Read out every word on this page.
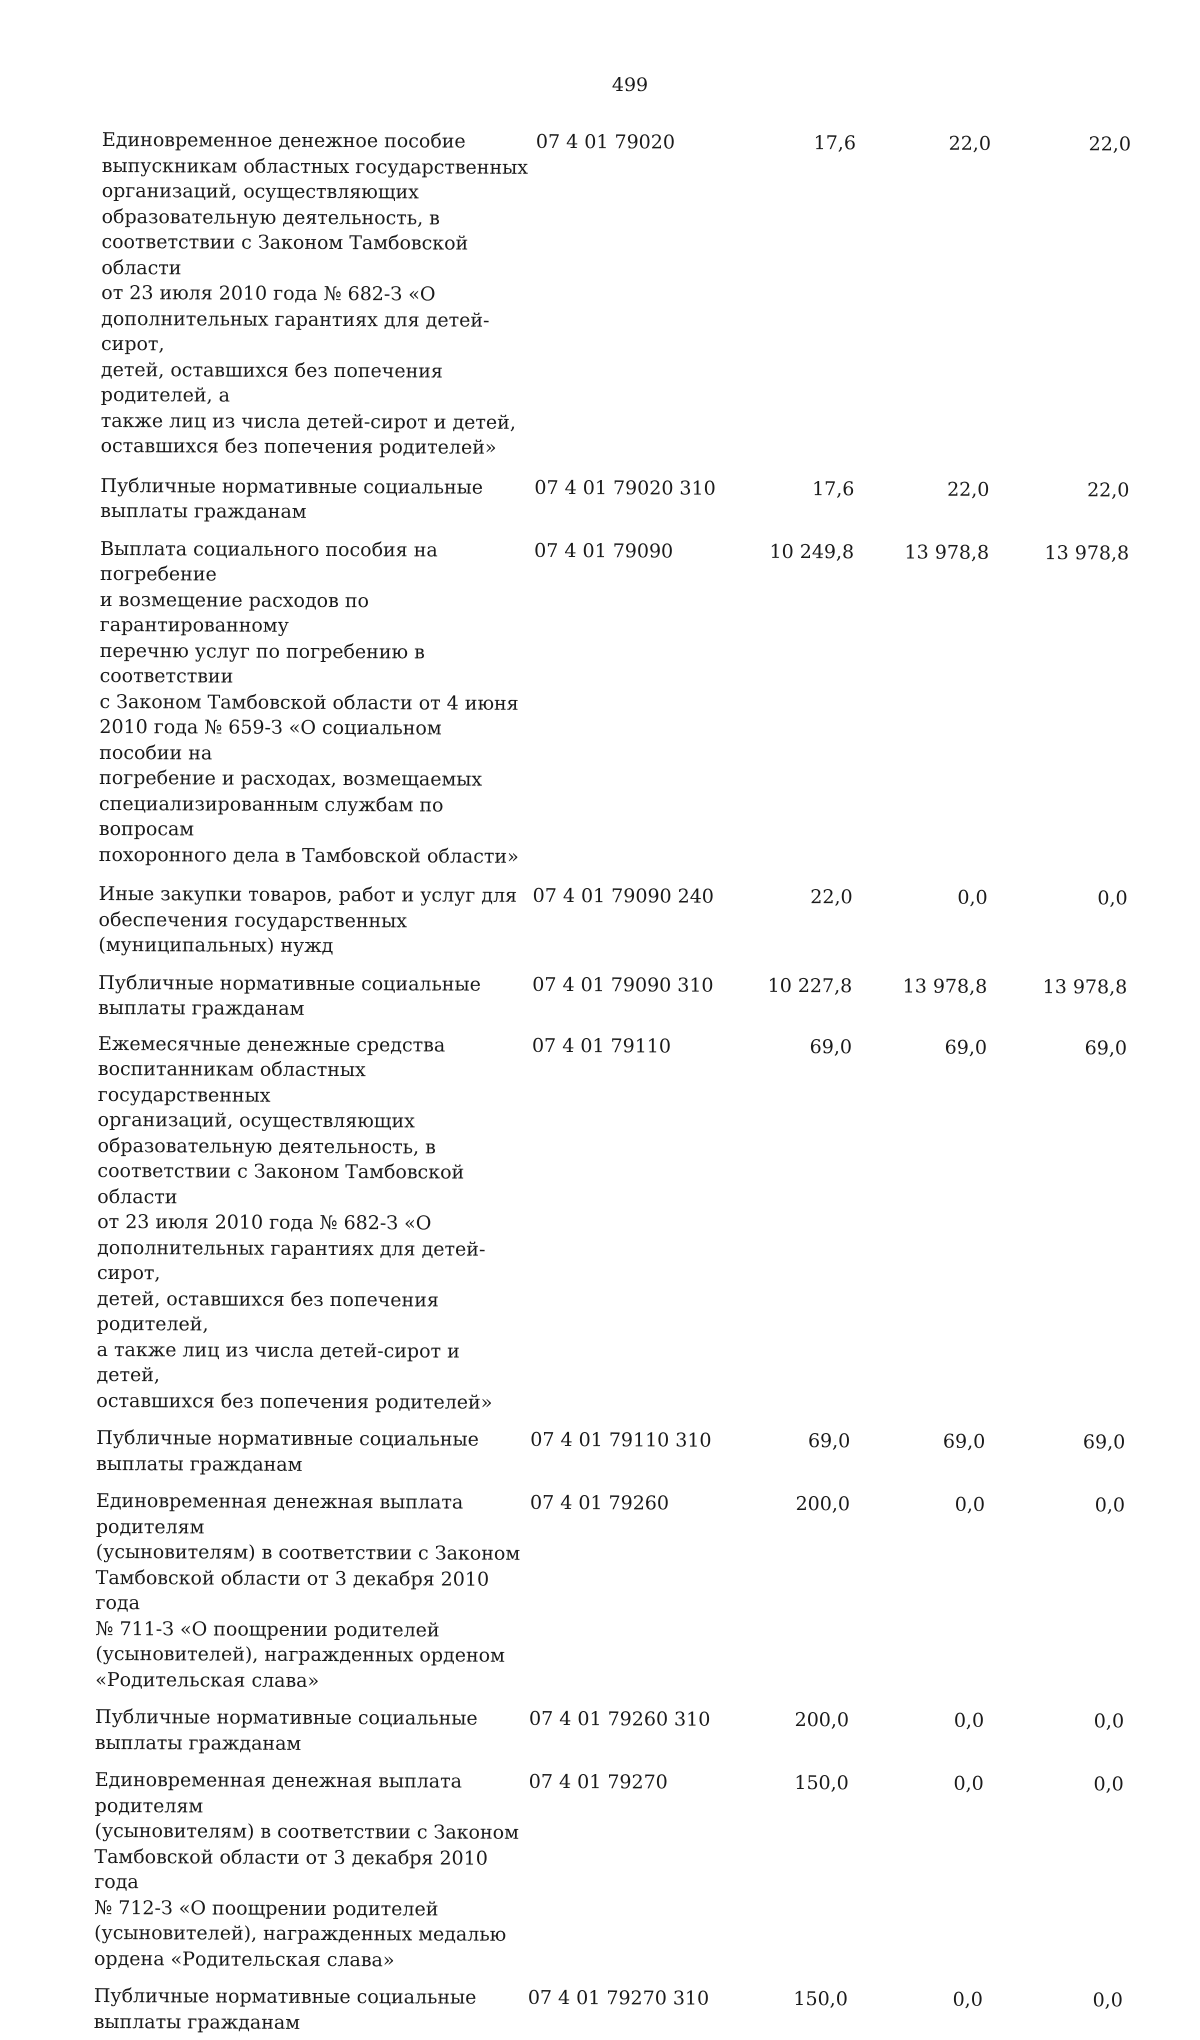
499
Единовременное денежное пособие
выпускникам областных государственных
организаций, осуществляющих
образовательную деятельность, в
соответствии с Законом Тамбовской области
от 23 июля 2010 года № 682-З «О
дополнительных гарантиях для детей-сирот,
детей, оставшихся без попечения родителей, а
также лиц из числа детей-сирот и детей,
оставшихся без попечения родителей»
07 4 01 79020	17,6	22,0	22,0
Публичные нормативные социальные
выплаты гражданам
07 4 01 79020 310	17,6	22,0	22,0
Выплата социального пособия на погребение
и возмещение расходов по гарантированному
перечню услуг по погребению в соответствии
с Законом Тамбовской области от 4 июня
2010 года № 659-З «О социальном пособии на
погребение и расходах, возмещаемых
специализированным службам по вопросам
похоронного дела в Тамбовской области»
07 4 01 79090	10 249,8	13 978,8	13 978,8
Иные закупки товаров, работ и услуг для
обеспечения государственных
(муниципальных) нужд
07 4 01 79090 240	22,0	0,0	0,0
Публичные нормативные социальные
выплаты гражданам
07 4 01 79090 310	10 227,8	13 978,8	13 978,8
Ежемесячные денежные средства
воспитанникам областных государственных
организаций, осуществляющих
образовательную деятельность, в
соответствии с Законом Тамбовской области
от 23 июля 2010 года № 682-З «О
дополнительных гарантиях для детей-сирот,
детей, оставшихся без попечения родителей,
а также лиц из числа детей-сирот и детей,
оставшихся без попечения родителей»
07 4 01 79110	69,0	69,0	69,0
Публичные нормативные социальные
выплаты гражданам
07 4 01 79110 310	69,0	69,0	69,0
Единовременная денежная выплата родителям
(усыновителям) в соответствии с Законом
Тамбовской области от 3 декабря 2010 года
№ 711-З «О поощрении родителей
(усыновителей), награжденных орденом
«Родительская слава»
07 4 01 79260	200,0	0,0	0,0
Публичные нормативные социальные
выплаты гражданам
07 4 01 79260 310	200,0	0,0	0,0
Единовременная денежная выплата родителям
(усыновителям) в соответствии с Законом
Тамбовской области от 3 декабря 2010 года
№ 712-З «О поощрении родителей
(усыновителей), награжденных медалью
ордена «Родительская слава»
07 4 01 79270	150,0	0,0	0,0
Публичные нормативные социальные
выплаты гражданам
07 4 01 79270 310	150,0	0,0	0,0
